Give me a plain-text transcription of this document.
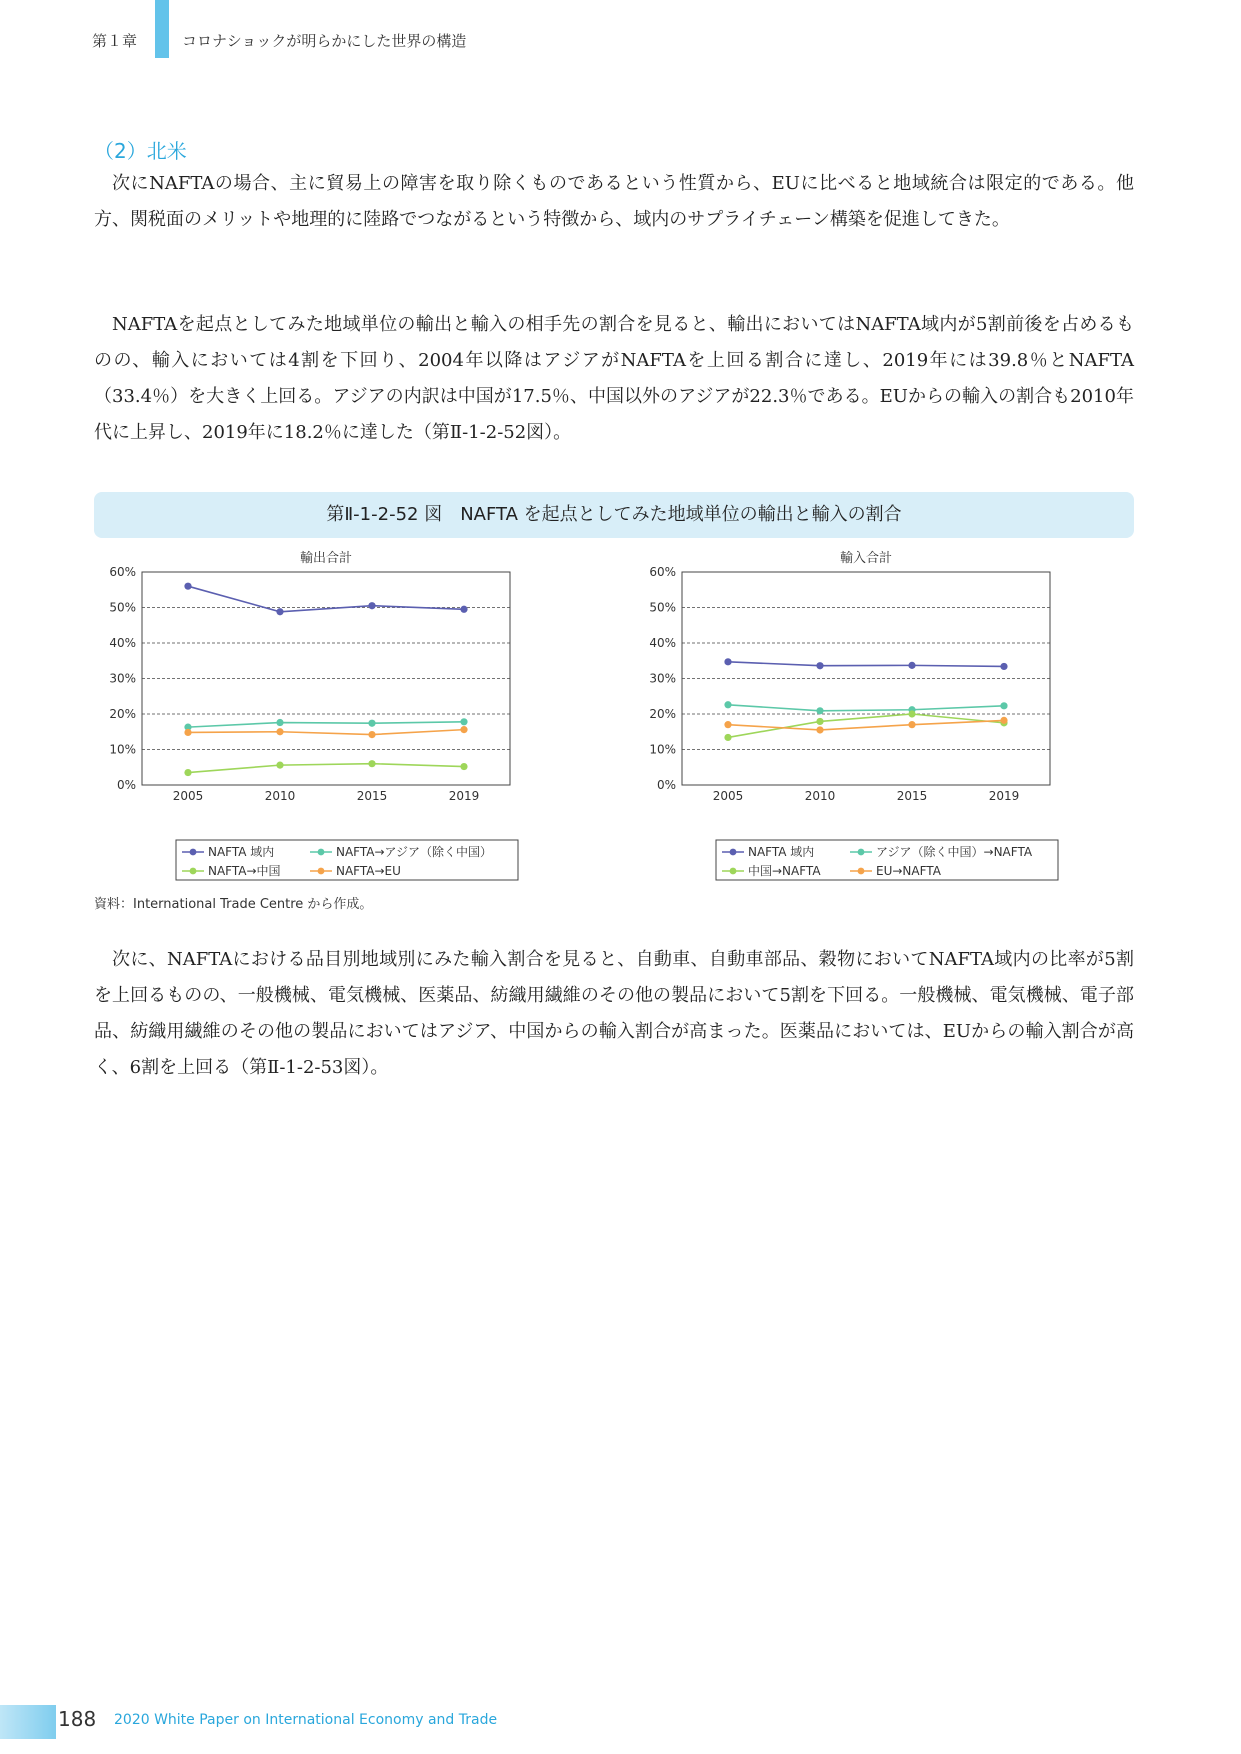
第１章	コロナショックが明らかにした世界の構造
（2）北米

次にNAFTAの場合、主に貿易上の障害を取り除くものであるという性質から、EUに比べると地域統合は限定的である。他方、関税面のメリットや地理的に陸路でつながるという特徴から、域内のサプライチェーン構築を促進してきた。

NAFTAを起点としてみた地域単位の輸出と輸入の相手先の割合を見ると、輸出においてはNAFTA域内が5割前後を占めるものの、輸入においては4割を下回り、2004年以降はアジアがNAFTAを上回る割合に達し、2019年には39.8％とNAFTA（33.4％）を大きく上回る。アジアの内訳は中国が17.5％、中国以外のアジアが22.3％である。EUからの輸入の割合も2010年代に上昇し、2019年に18.2％に達した（第Ⅱ-1-2-52図）。

第Ⅱ-1-2-52 図　NAFTA を起点としてみた地域単位の輸出と輸入の割合
輸出合計
0%
10%
20%
30%
40%
50%
60%
2005	2010	2015	2019
NAFTA 域内	NAFTA→アジア（除く中国）
NAFTA→中国	NAFTA→EU
輸入合計
0%
10%
20%
30%
40%
50%
60%
2005	2010	2015	2019
NAFTA 域内	アジア（除く中国）→NAFTA
中国→NAFTA	EU→NAFTA
資料：International Trade Centre から作成。

次に、NAFTAにおける品目別地域別にみた輸入割合を見ると、自動車、自動車部品、穀物においてNAFTA域内の比率が5割を上回るものの、一般機械、電気機械、医薬品、紡織用繊維のその他の製品において5割を下回る。一般機械、電気機械、電子部品、紡織用繊維のその他の製品においてはアジア、中国からの輸入割合が高まった。医薬品においては、EUからの輸入割合が高く、6割を上回る（第Ⅱ-1-2-53図）。

188 2020 White Paper on International Economy and Trade
